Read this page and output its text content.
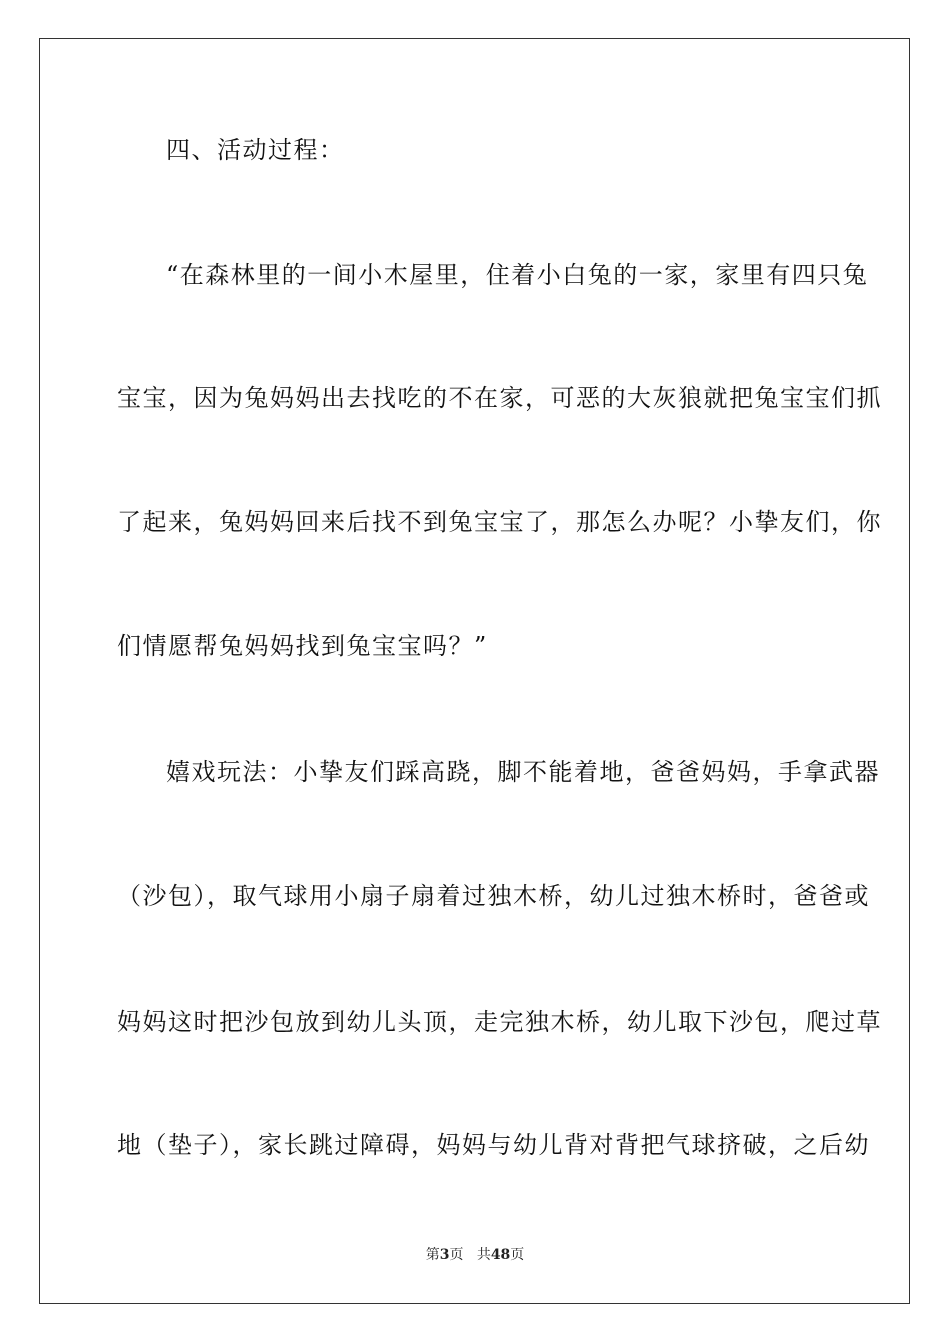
四、活动过程：
“在森林里的一间小木屋里，住着小白兔的一家，家里有四只兔
宝宝，因为兔妈妈出去找吃的不在家，可恶的大灰狼就把兔宝宝们抓
了起来，兔妈妈回来后找不到兔宝宝了，那怎么办呢？小挚友们，你
们情愿帮兔妈妈找到兔宝宝吗？”
嬉戏玩法：小挚友们踩高跷，脚不能着地，爸爸妈妈，手拿武器
（沙包），取气球用小扇子扇着过独木桥，幼儿过独木桥时，爸爸或
妈妈这时把沙包放到幼儿头顶，走完独木桥，幼儿取下沙包，爬过草
地（垫子），家长跳过障碍，妈妈与幼儿背对背把气球挤破，之后幼
第3页 共48页
